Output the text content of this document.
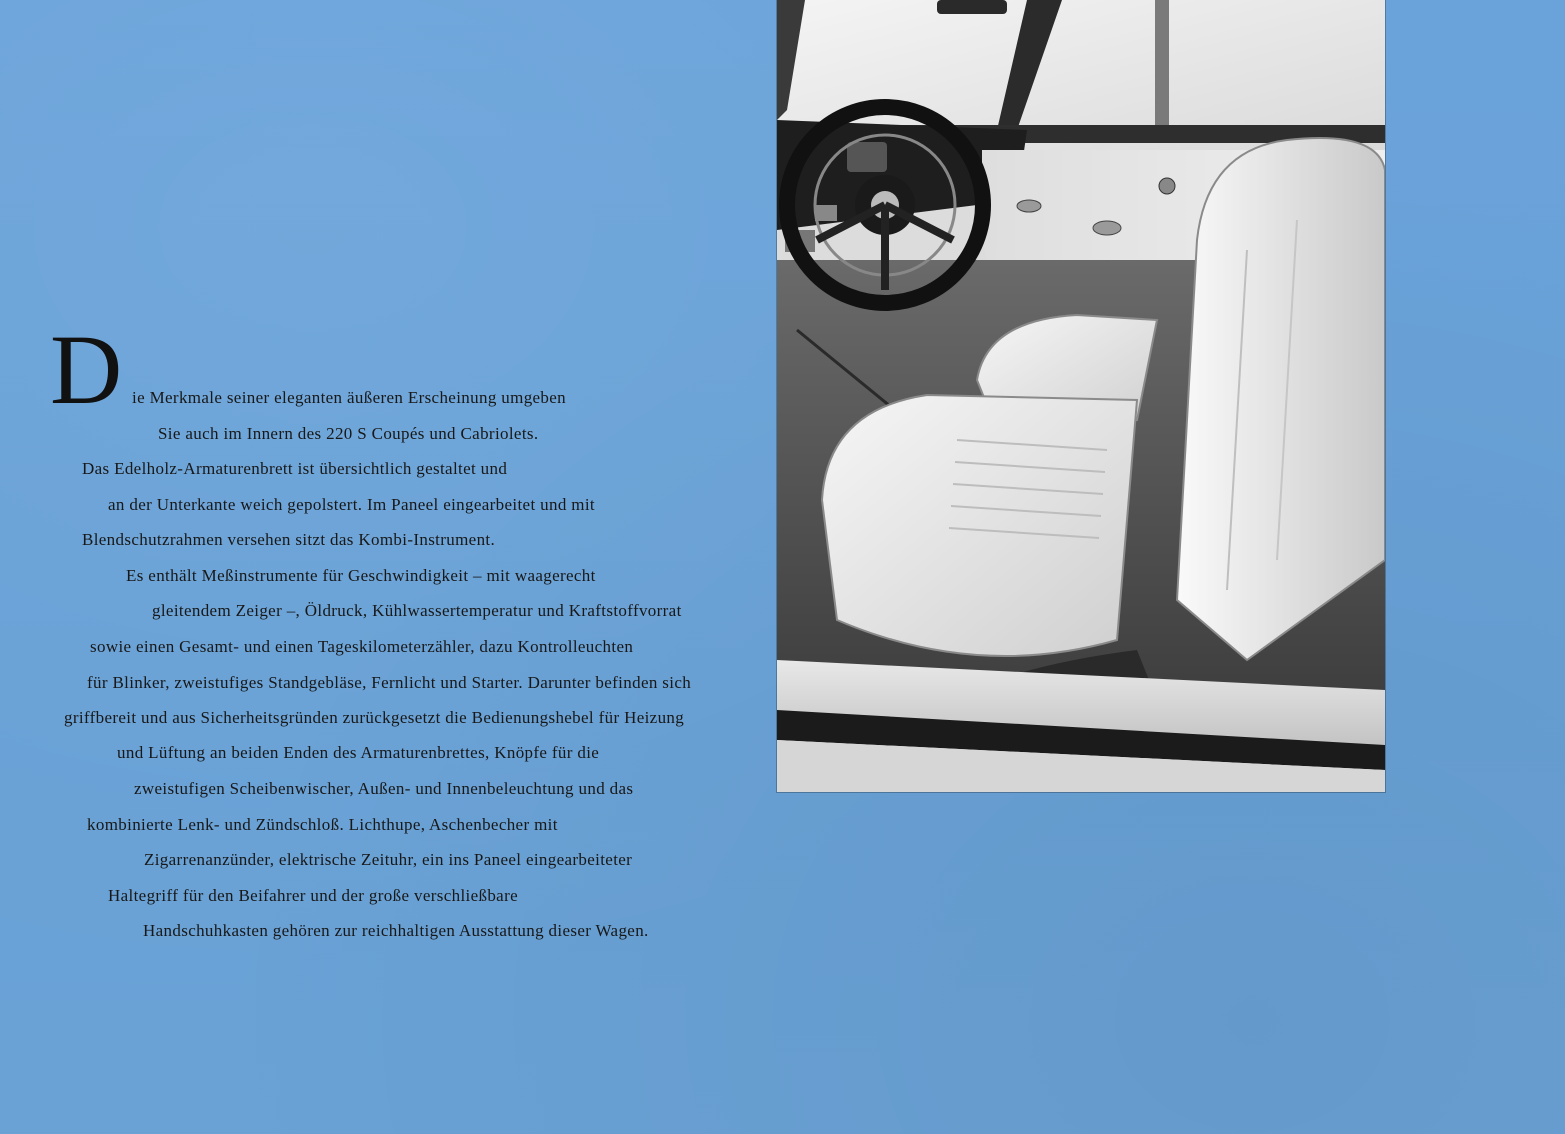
D ie Merkmale seiner eleganten äußeren Erscheinung umgeben
Sie auch im Innern des 220 S Coupés und Cabriolets.
Das Edelholz-Armaturenbrett ist übersichtlich gestaltet und
an der Unterkante weich gepolstert. Im Paneel eingearbeitet und mit
Blendschutzrahmen versehen sitzt das Kombi-Instrument.
Es enthält Meßinstrumente für Geschwindigkeit – mit waagerecht
gleitendem Zeiger –, Öldruck, Kühlwassertemperatur und Kraftstoffvorrat
sowie einen Gesamt- und einen Tageskilometerzähler, dazu Kontrolleuchten
für Blinker, zweistufiges Standgebläse, Fernlicht und Starter. Darunter befinden sich
griffbereit und aus Sicherheitsgründen zurückgesetzt die Bedienungshebel für Heizung
und Lüftung an beiden Enden des Armaturenbrettes, Knöpfe für die
zweistufigen Scheibenwischer, Außen- und Innenbeleuchtung und das
kombinierte Lenk- und Zündschloß. Lichthupe, Aschenbecher mit
Zigarrenanzünder, elektrische Zeituhr, ein ins Paneel eingearbeiteter
Haltegriff für den Beifahrer und der große verschließbare
Handschuhkasten gehören zur reichhaltigen Ausstattung dieser Wagen.
